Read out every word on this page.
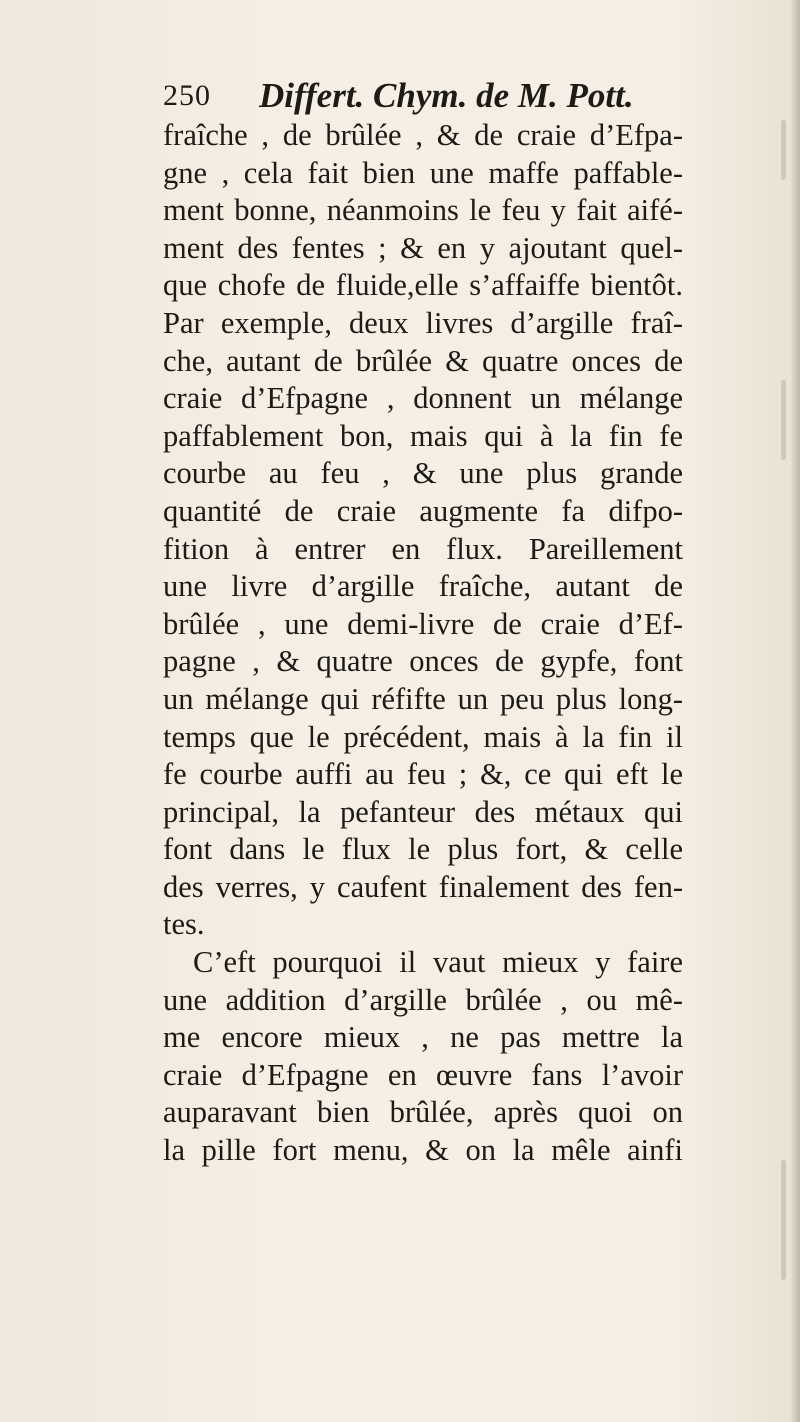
250 Differt. Chym. de M. Pott.
fraîche , de brûlée , & de craie d’Efpa-
gne , cela fait bien une maffe paffable-
ment bonne, néanmoins le feu y fait aifé-
ment des fentes ; & en y ajoutant quel-
que chofe de fluide,elle s’affaiffe bientôt.
Par exemple, deux livres d’argille fraî-
che, autant de brûlée & quatre onces de
craie d’Efpagne , donnent un mélange
paffablement bon, mais qui à la fin fe
courbe au feu , & une plus grande
quantité de craie augmente fa difpo-
fition à entrer en flux. Pareillement
une livre d’argille fraîche, autant de
brûlée , une demi-livre de craie d’Ef-
pagne , & quatre onces de gypfe, font
un mélange qui réfifte un peu plus long-
temps que le précédent, mais à la fin il
fe courbe auffi au feu ; &, ce qui eft le
principal, la pefanteur des métaux qui
font dans le flux le plus fort, & celle
des verres, y caufent finalement des fen-
tes.
C’eft pourquoi il vaut mieux y faire
une addition d’argille brûlée , ou mê-
me encore mieux , ne pas mettre la
craie d’Efpagne en œuvre fans l’avoir
auparavant bien brûlée, après quoi on
la pille fort menu, & on la mêle ainfi
